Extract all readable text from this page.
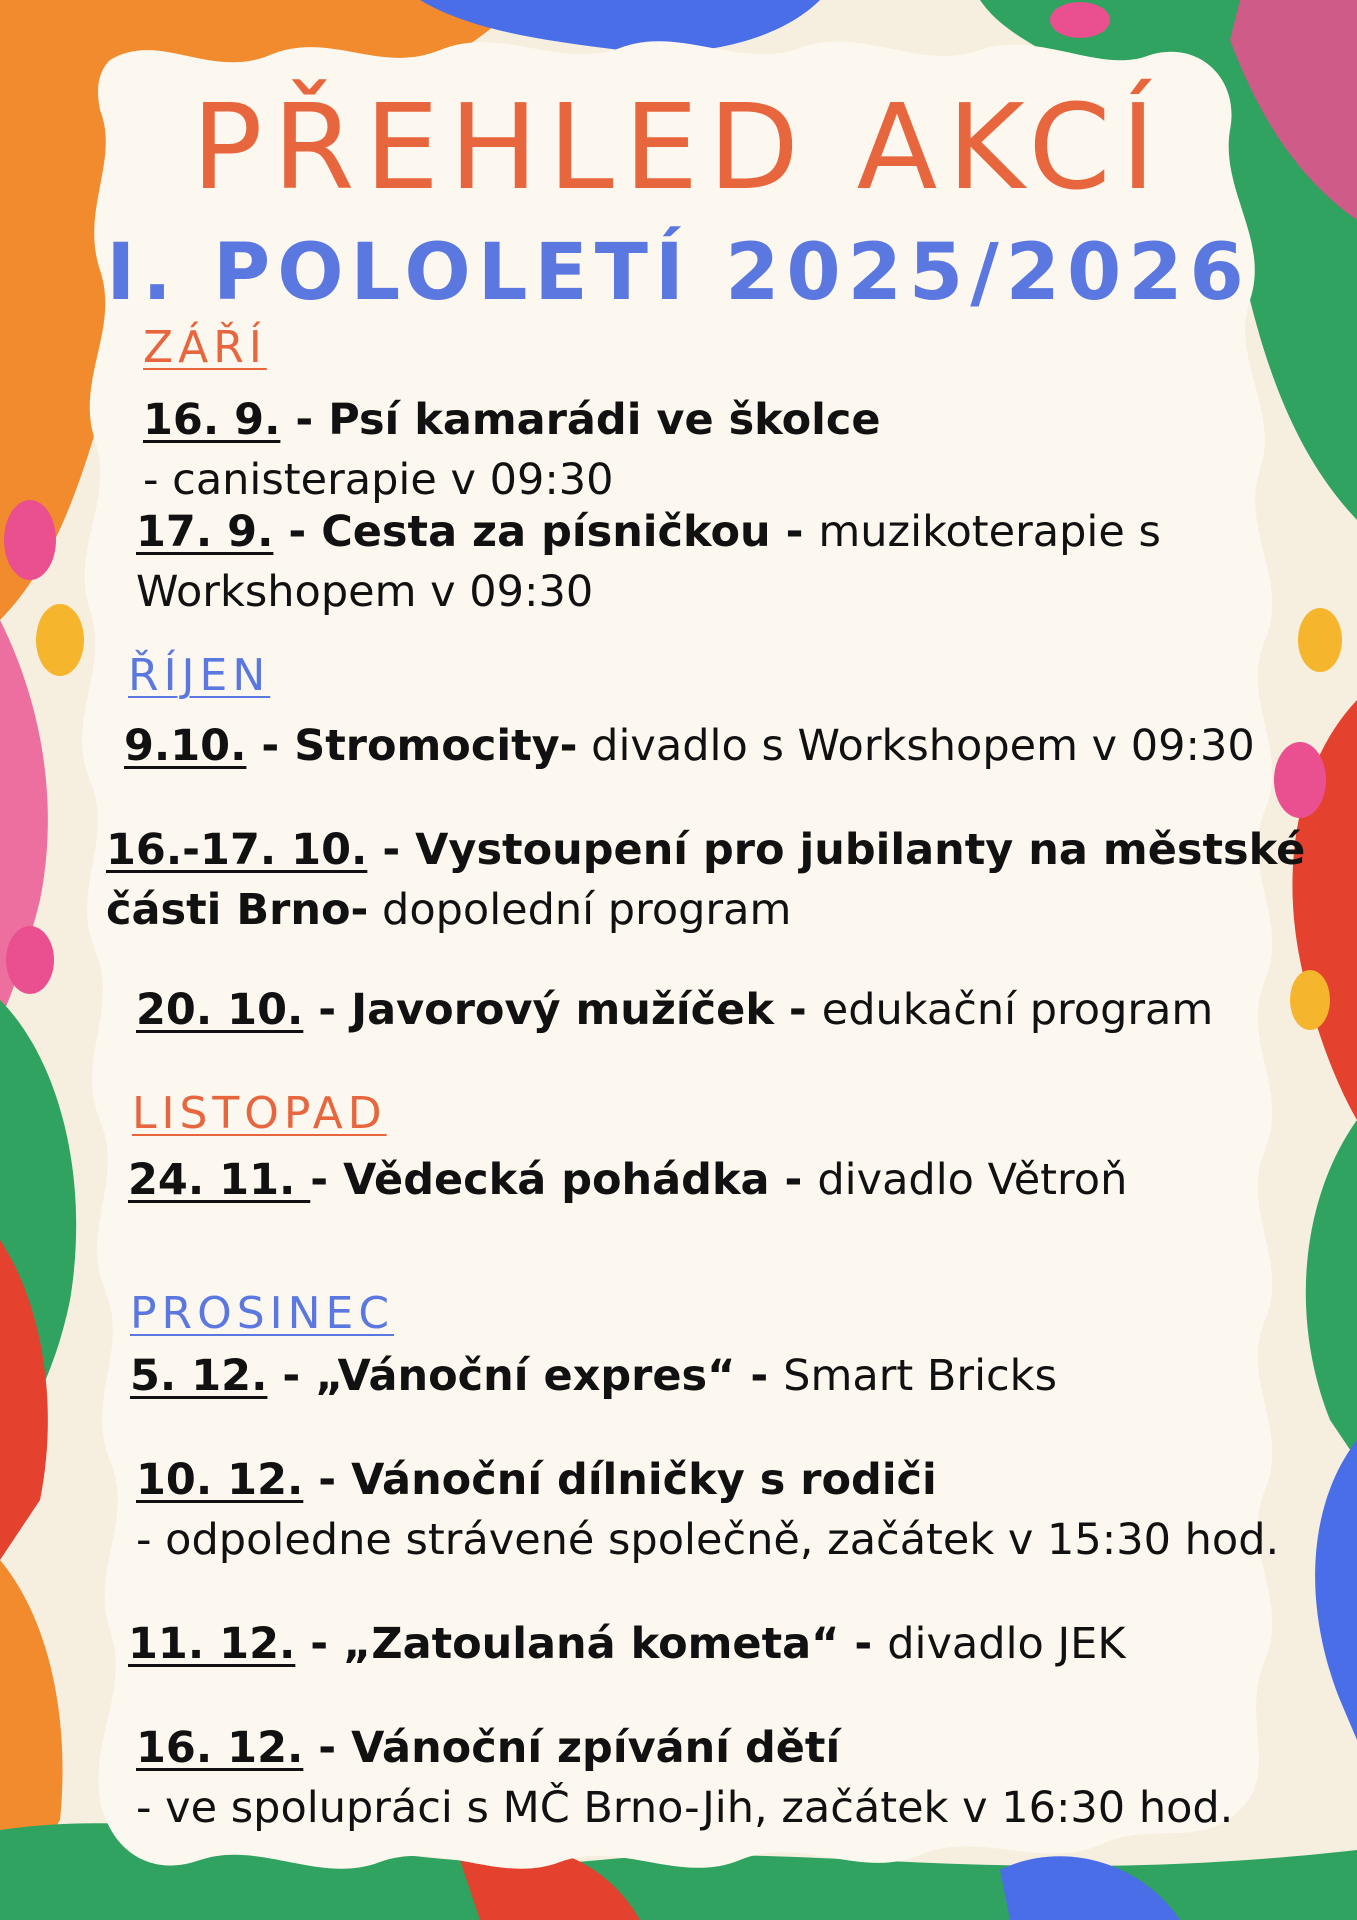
PŘEHLED AKCÍ
I. POLOLETÍ 2025/2026
ZÁŘÍ
16. 9. - Psí kamarádi ve školce
- canisterapie v 09:30
17. 9. - Cesta za písničkou - muzikoterapie s
Workshopem v 09:30
ŘÍJEN
9.10. - Stromocity- divadlo s Workshopem v 09:30
16.-17. 10. - Vystoupení pro jubilanty na městské
části Brno- dopolední program
20. 10. - Javorový mužíček - edukační program
LISTOPAD
24. 11. - Vědecká pohádka - divadlo Větroň
PROSINEC
5. 12. - „Vánoční expres“ - Smart Bricks
10. 12. - Vánoční dílničky s rodiči
- odpoledne strávené společně, začátek v 15:30 hod.
11. 12. - „Zatoulaná kometa“ - divadlo JEK
16. 12. - Vánoční zpívání dětí
- ve spolupráci s MČ Brno-Jih, začátek v 16:30 hod.
